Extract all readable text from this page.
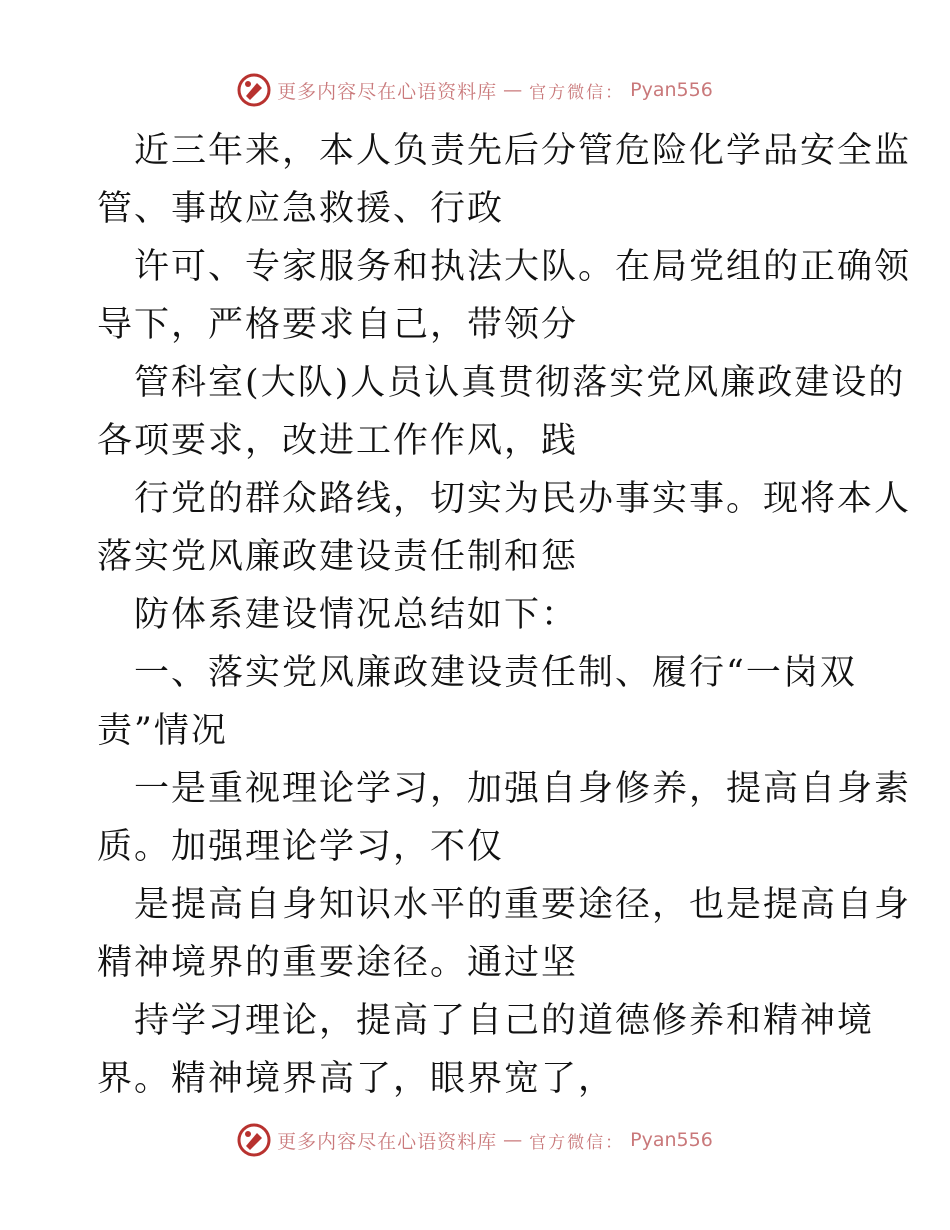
更多内容尽在心语资料库 — 官方微信： Pyan556
近三年来，本人负责先后分管危险化学品安全监
管、事故应急救援、行政
许可、专家服务和执法大队。在局党组的正确领
导下，严格要求自己，带领分
管科室(大队)人员认真贯彻落实党风廉政建设的
各项要求，改进工作作风，践
行党的群众路线，切实为民办事实事。现将本人
落实党风廉政建设责任制和惩
防体系建设情况总结如下：
一、落实党风廉政建设责任制、履行“一岗双
责”情况
一是重视理论学习，加强自身修养，提高自身素
质。加强理论学习，不仅
是提高自身知识水平的重要途径，也是提高自身
精神境界的重要途径。通过坚
持学习理论，提高了自己的道德修养和精神境
界。精神境界高了，眼界宽了，
更多内容尽在心语资料库 — 官方微信： Pyan556
